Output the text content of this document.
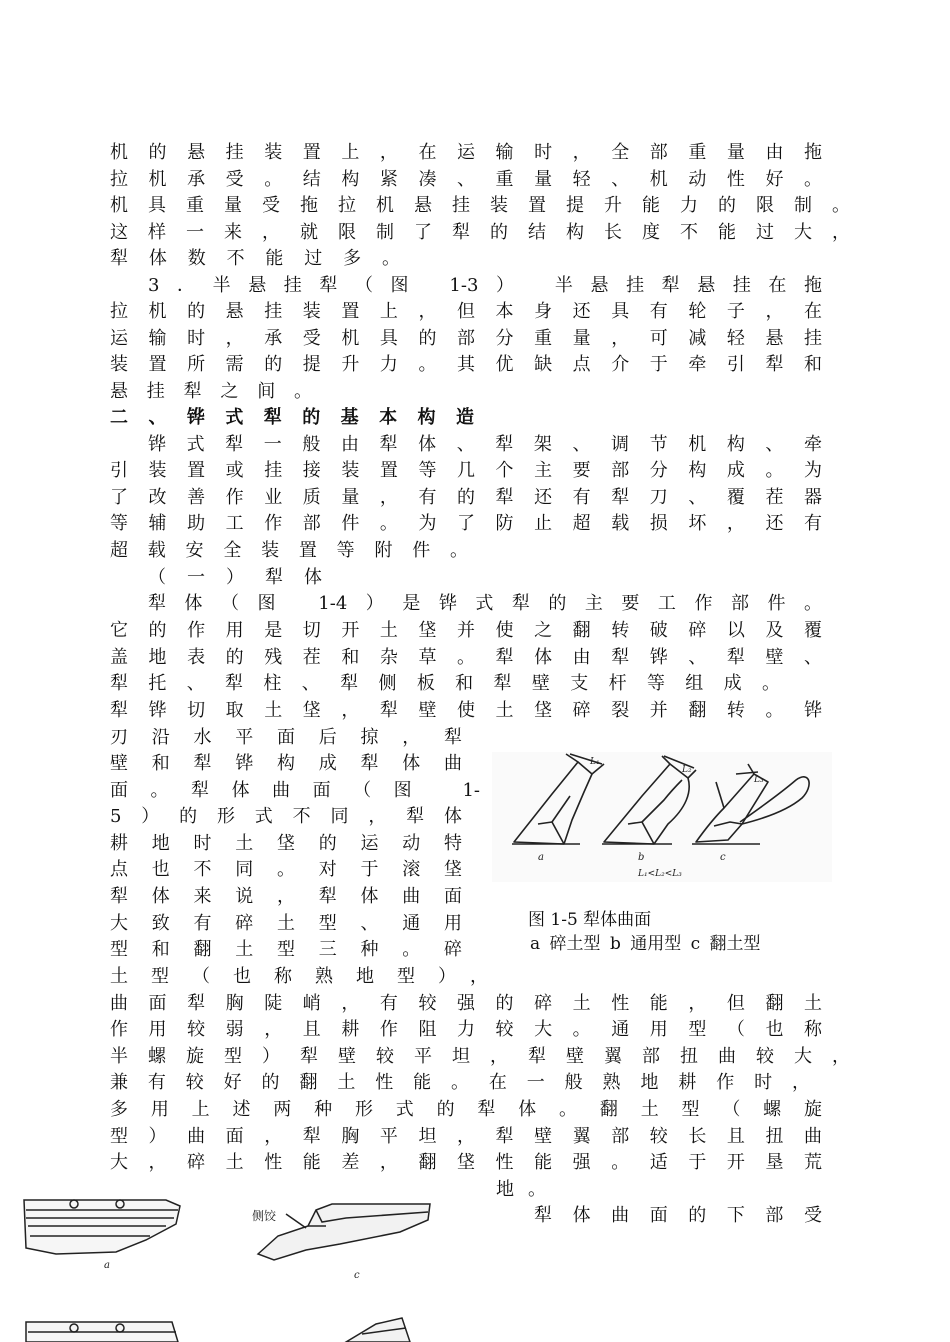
机的悬挂装置上，在运输时，全部重量由拖
拉机承受。结构紧凑、重量轻、机动性好。
机具重量受拖拉机悬挂装置提升能力的限制。
这样一来，就限制了犁的结构长度不能过大，
犁体数不能过多。
3．半悬挂犁（图 1-3） 半悬挂犁悬挂在拖
拉机的悬挂装置上，但本身还具有轮子，在
运输时，承受机具的部分重量，可减轻悬挂
装置所需的提升力。其优缺点介于牵引犁和
悬挂犁之间。
二、铧式犁的基本构造
铧式犁一般由犁体、犁架、调节机构、牵
引装置或挂接装置等几个主要部分构成。为
了改善作业质量，有的犁还有犁刀、覆茬器
等辅助工作部件。为了防止超载损坏，还有
超载安全装置等附件。
（一）犁体
犁体（图 1-4）是铧式犁的主要工作部件。
它的作用是切开土垡并使之翻转破碎以及覆
盖地表的残茬和杂草。犁体由犁铧、犁壁、
犁托、犁柱、犁侧板和犁壁支杆等组成。
犁铧切取土垡，犁壁使土垡碎裂并翻转。铧
刃沿水平面后掠，犁
壁和犁铧构成犁体曲
面。犁体曲面（图 1-
5）的形式不同，犁体
耕地时土垡的运动特
点也不同。对于滚垡
犁体来说，犁体曲面
大致有碎土型、通用
型和翻土型三种。碎
土型（也称熟地型），
曲面犁胸陡峭，有较强的碎土性能，但翻土
作用较弱，且耕作阻力较大。通用型（也称
半螺旋型）犁壁较平坦，犁壁翼部扭曲较大，
兼有较好的翻土性能。在一般熟地耕作时，
多用上述两种形式的犁体。翻土型（螺旋
型）曲面，犁胸平坦，犁壁翼部较长且扭曲
大，碎土性能差，翻垡性能强。适于开垦荒
地。
犁体曲面的下部受
a	b	c
L₁
L₂
L₃
L₁<L₂<L₃
图 1-5 犁体曲面
a 碎土型 b 通用型 c 翻土型
a
c
侧饺
